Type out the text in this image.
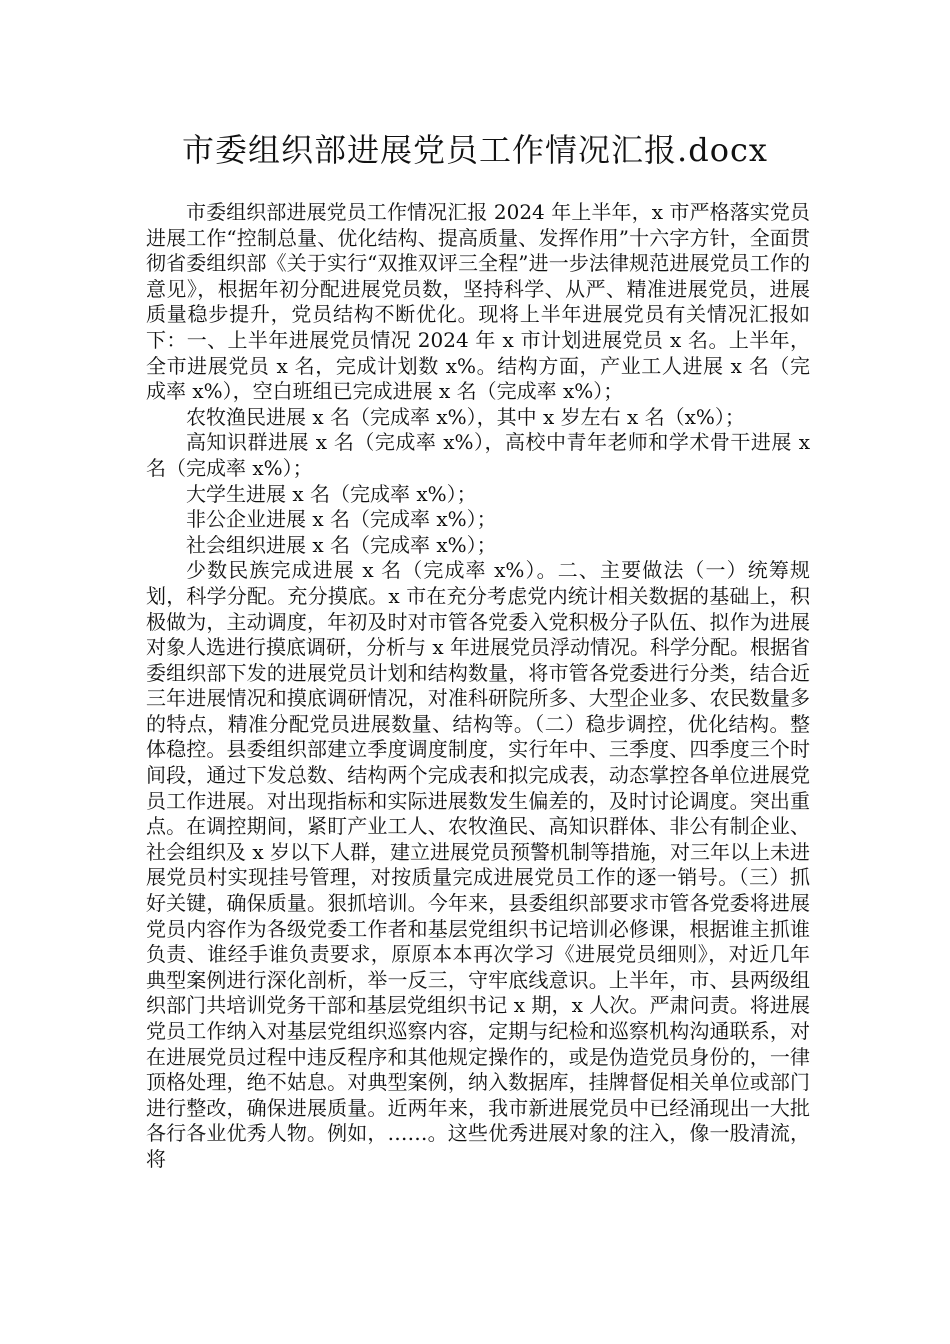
市委组织部进展党员工作情况汇报.docx

市委组织部进展党员工作情况汇报 2024 年上半年，x 市严格落实党员进展工作“控制总量、优化结构、提高质量、发挥作用”十六字方针，全面贯彻省委组织部《关于实行“双推双评三全程”进一步法律规范进展党员工作的意见》，根据年初分配进展党员数，坚持科学、从严、精准进展党员，进展质量稳步提升，党员结构不断优化。现将上半年进展党员有关情况汇报如下：一、上半年进展党员情况 2024 年 x 市计划进展党员 x 名。上半年，全市进展党员 x 名，完成计划数 x%。结构方面，产业工人进展 x 名（完成率 x%），空白班组已完成进展 x 名（完成率 x%）；

农牧渔民进展 x 名（完成率 x%），其中 x 岁左右 x 名（x%）；

高知识群进展 x 名（完成率 x%），高校中青年老师和学术骨干进展 x 名（完成率 x%）；

大学生进展 x 名（完成率 x%）；

非公企业进展 x 名（完成率 x%）；

社会组织进展 x 名（完成率 x%）；

少数民族完成进展 x 名（完成率 x%）。二、主要做法（一）统筹规划，科学分配。充分摸底。x 市在充分考虑党内统计相关数据的基础上，积极做为，主动调度，年初及时对市管各党委入党积极分子队伍、拟作为进展对象人选进行摸底调研，分析与 x 年进展党员浮动情况。科学分配。根据省委组织部下发的进展党员计划和结构数量，将市管各党委进行分类，结合近三年进展情况和摸底调研情况，对准科研院所多、大型企业多、农民数量多的特点，精准分配党员进展数量、结构等。（二）稳步调控，优化结构。整体稳控。县委组织部建立季度调度制度，实行年中、三季度、四季度三个时间段，通过下发总数、结构两个完成表和拟完成表，动态掌控各单位进展党员工作进展。对出现指标和实际进展数发生偏差的，及时讨论调度。突出重点。在调控期间，紧盯产业工人、农牧渔民、高知识群体、非公有制企业、社会组织及 x 岁以下人群，建立进展党员预警机制等措施，对三年以上未进展党员村实现挂号管理，对按质量完成进展党员工作的逐一销号。（三）抓好关键，确保质量。狠抓培训。今年来，县委组织部要求市管各党委将进展党员内容作为各级党委工作者和基层党组织书记培训必修课，根据谁主抓谁负责、谁经手谁负责要求，原原本本再次学习《进展党员细则》，对近几年典型案例进行深化剖析，举一反三，守牢底线意识。上半年，市、县两级组织部门共培训党务干部和基层党组织书记 x 期，x 人次。严肃问责。将进展党员工作纳入对基层党组织巡察内容，定期与纪检和巡察机构沟通联系，对在进展党员过程中违反程序和其他规定操作的，或是伪造党员身份的，一律顶格处理，绝不姑息。对典型案例，纳入数据库，挂牌督促相关单位或部门进行整改，确保进展质量。近两年来，我市新进展党员中已经涌现出一大批各行各业优秀人物。例如，……。这些优秀进展对象的注入，像一股清流，将
